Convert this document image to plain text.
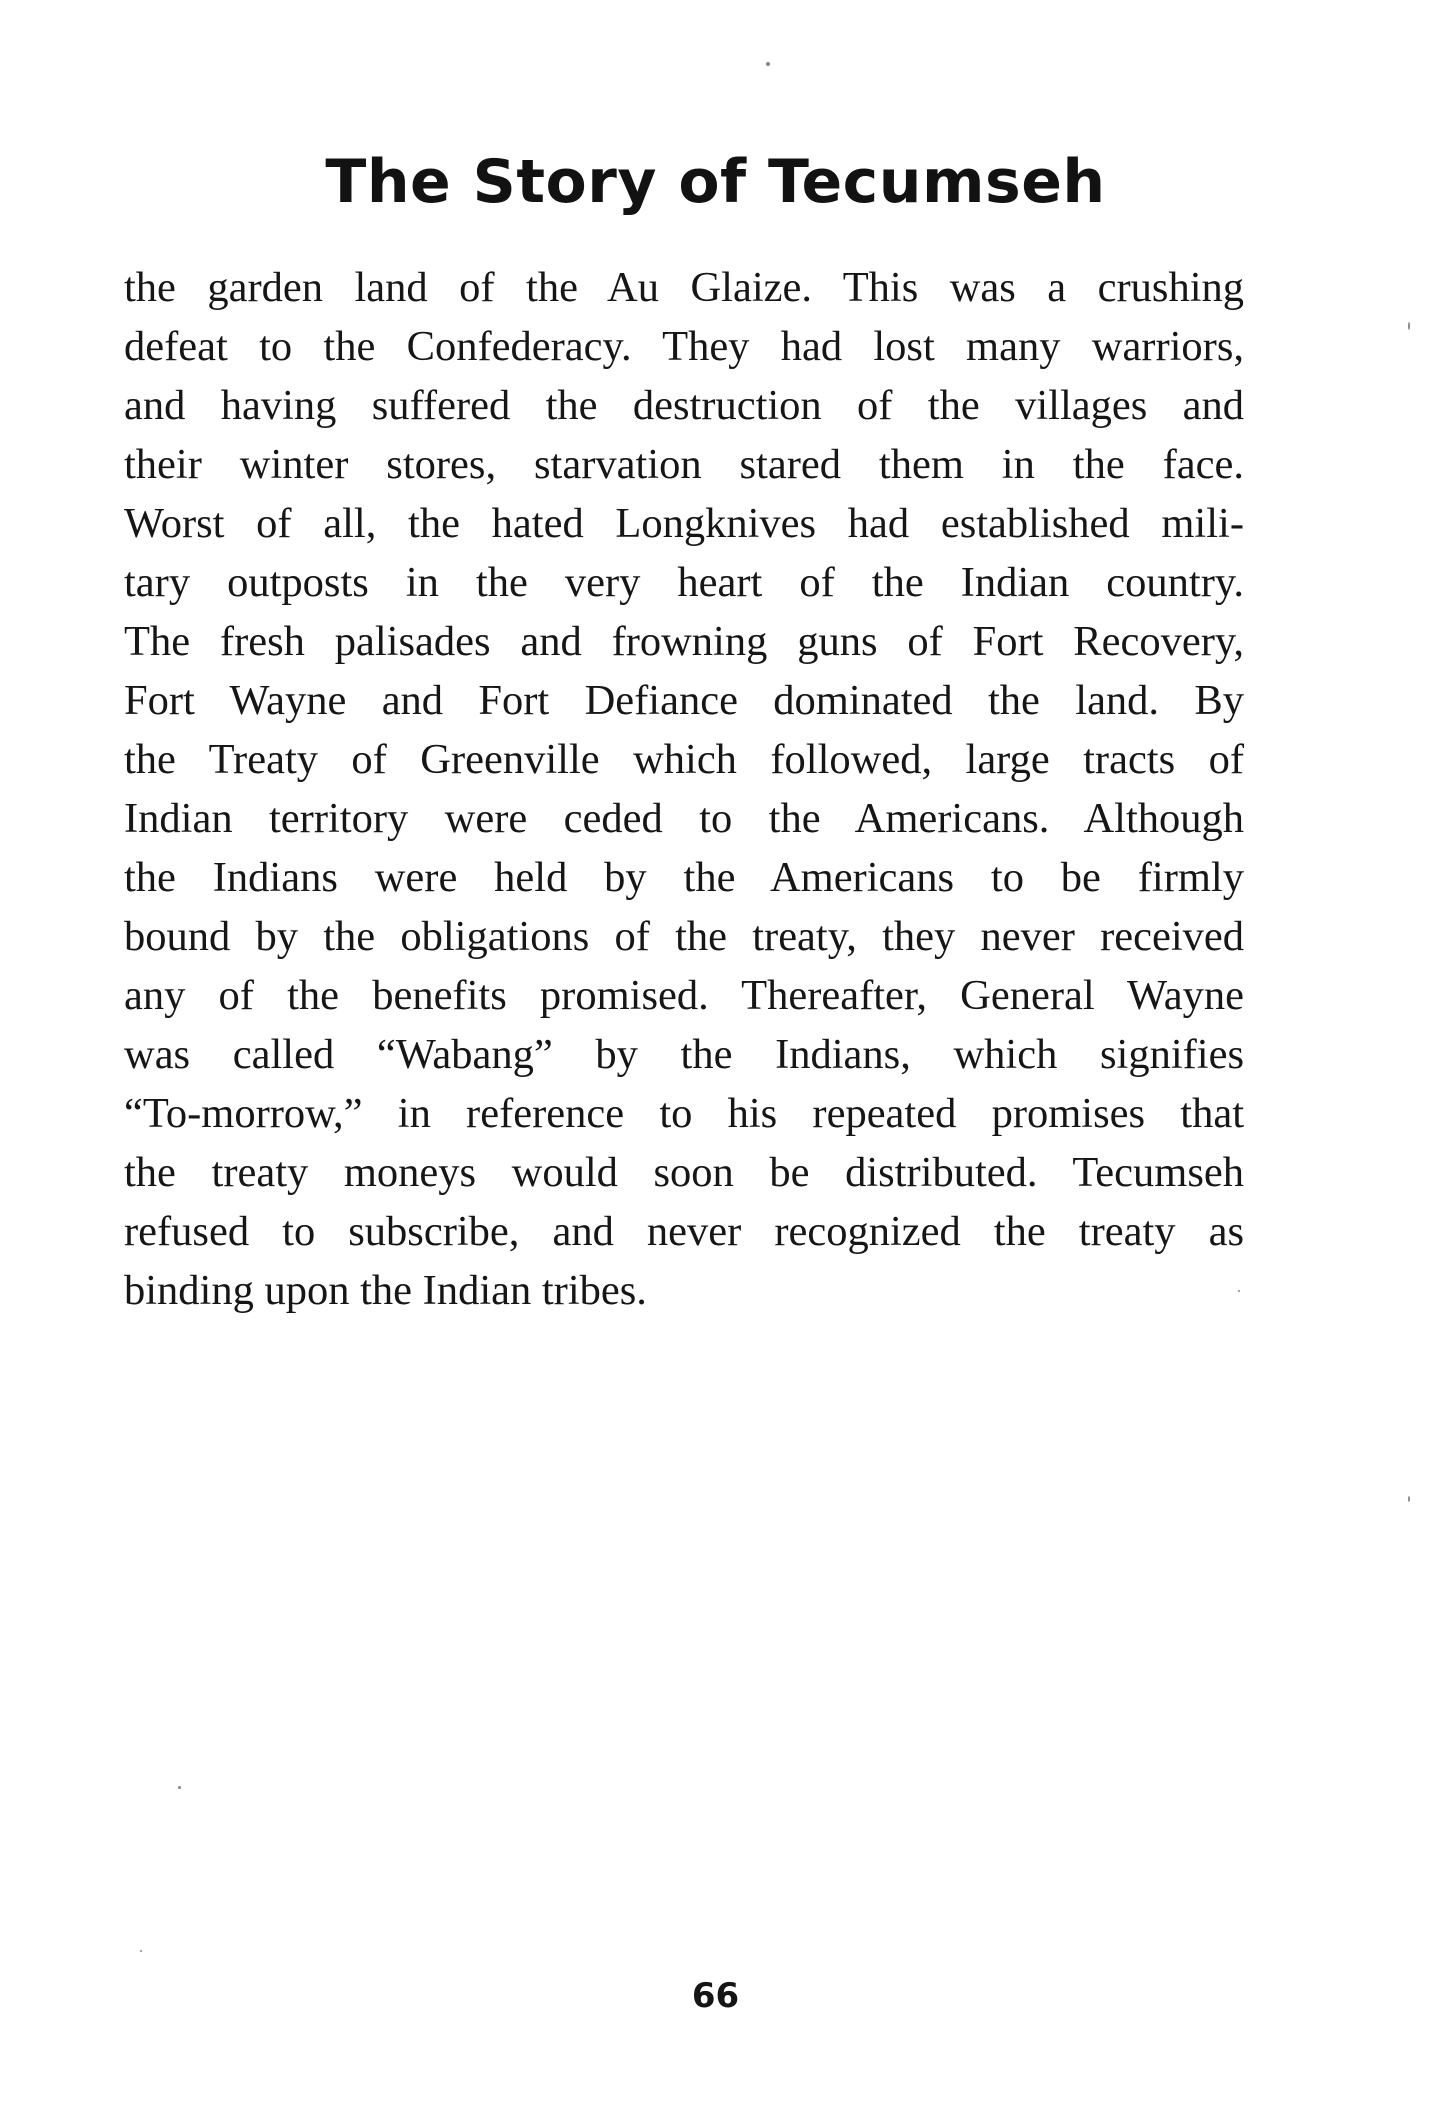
The Story of Tecumseh
the garden land of the Au Glaize. This was a crushing
defeat to the Confederacy. They had lost many warriors,
and having suffered the destruction of the villages and
their winter stores, starvation stared them in the face.
Worst of all, the hated Longknives had established mili-
tary outposts in the very heart of the Indian country.
The fresh palisades and frowning guns of Fort Recovery,
Fort Wayne and Fort Defiance dominated the land. By
the Treaty of Greenville which followed, large tracts of
Indian territory were ceded to the Americans. Although
the Indians were held by the Americans to be firmly
bound by the obligations of the treaty, they never received
any of the benefits promised. Thereafter, General Wayne
was called “Wabang” by the Indians, which signifies
“To-morrow,” in reference to his repeated promises that
the treaty moneys would soon be distributed. Tecumseh
refused to subscribe, and never recognized the treaty as
binding upon the Indian tribes.
66
